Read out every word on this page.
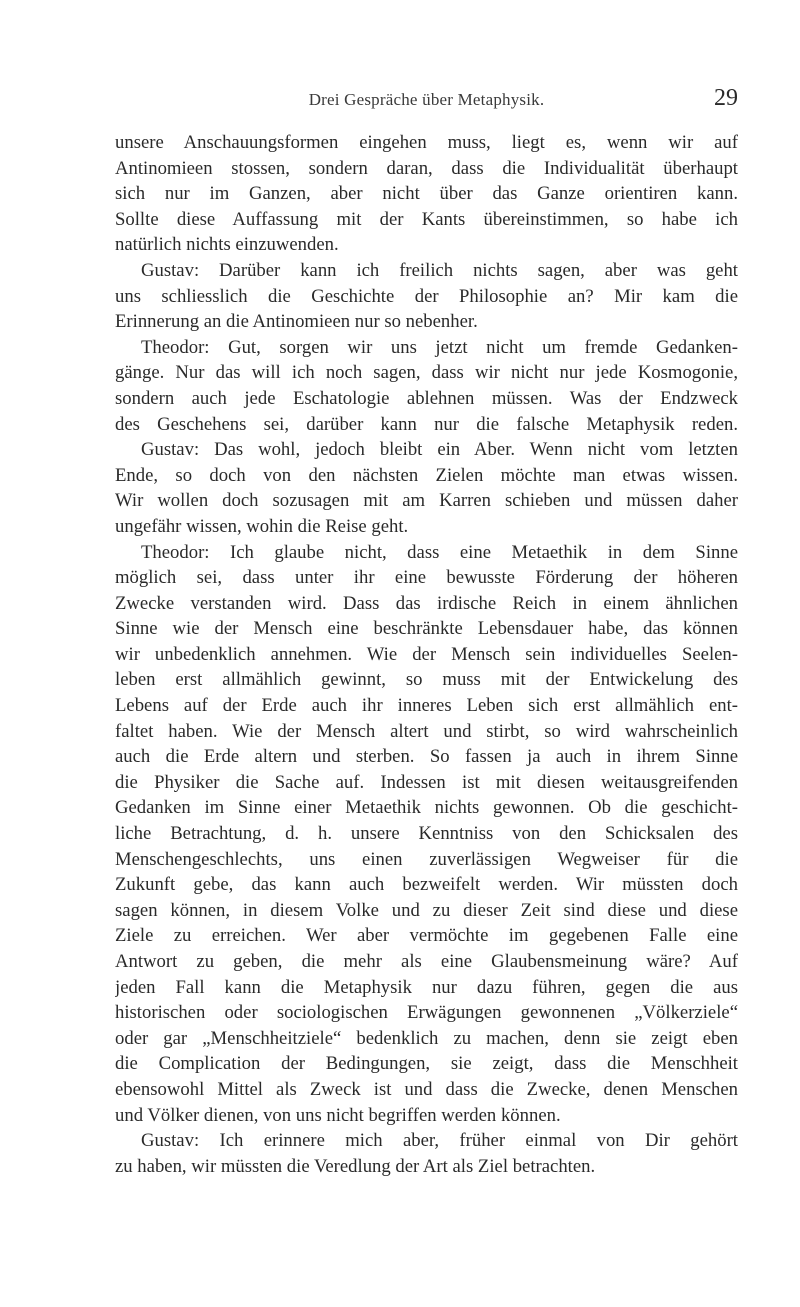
Drei Gespräche über Metaphysik.	29
unsere Anschauungsformen eingehen muss, liegt es, wenn wir auf
Antinomieen stossen, sondern daran, dass die Individualität überhaupt
sich nur im Ganzen, aber nicht über das Ganze orientiren kann.
Sollte diese Auffassung mit der Kants übereinstimmen, so habe ich
natürlich nichts einzuwenden.
Gustav: Darüber kann ich freilich nichts sagen, aber was geht
uns schliesslich die Geschichte der Philosophie an? Mir kam die
Erinnerung an die Antinomieen nur so nebenher.
Theodor: Gut, sorgen wir uns jetzt nicht um fremde Gedanken-
gänge. Nur das will ich noch sagen, dass wir nicht nur jede Kosmogonie,
sondern auch jede Eschatologie ablehnen müssen. Was der Endzweck
des Geschehens sei, darüber kann nur die falsche Metaphysik reden.
Gustav: Das wohl, jedoch bleibt ein Aber. Wenn nicht vom letzten
Ende, so doch von den nächsten Zielen möchte man etwas wissen.
Wir wollen doch sozusagen mit am Karren schieben und müssen daher
ungefähr wissen, wohin die Reise geht.
Theodor: Ich glaube nicht, dass eine Metaethik in dem Sinne
möglich sei, dass unter ihr eine bewusste Förderung der höheren
Zwecke verstanden wird. Dass das irdische Reich in einem ähnlichen
Sinne wie der Mensch eine beschränkte Lebensdauer habe, das können
wir unbedenklich annehmen. Wie der Mensch sein individuelles Seelen-
leben erst allmählich gewinnt, so muss mit der Entwickelung des
Lebens auf der Erde auch ihr inneres Leben sich erst allmählich ent-
faltet haben. Wie der Mensch altert und stirbt, so wird wahrscheinlich
auch die Erde altern und sterben. So fassen ja auch in ihrem Sinne
die Physiker die Sache auf. Indessen ist mit diesen weitausgreifenden
Gedanken im Sinne einer Metaethik nichts gewonnen. Ob die geschicht-
liche Betrachtung, d. h. unsere Kenntniss von den Schicksalen des
Menschengeschlechts, uns einen zuverlässigen Wegweiser für die
Zukunft gebe, das kann auch bezweifelt werden. Wir müssten doch
sagen können, in diesem Volke und zu dieser Zeit sind diese und diese
Ziele zu erreichen. Wer aber vermöchte im gegebenen Falle eine
Antwort zu geben, die mehr als eine Glaubensmeinung wäre? Auf
jeden Fall kann die Metaphysik nur dazu führen, gegen die aus
historischen oder sociologischen Erwägungen gewonnenen „Völkerziele“
oder gar „Menschheitziele“ bedenklich zu machen, denn sie zeigt eben
die Complication der Bedingungen, sie zeigt, dass die Menschheit
ebensowohl Mittel als Zweck ist und dass die Zwecke, denen Menschen
und Völker dienen, von uns nicht begriffen werden können.
Gustav: Ich erinnere mich aber, früher einmal von Dir gehört
zu haben, wir müssten die Veredlung der Art als Ziel betrachten.
